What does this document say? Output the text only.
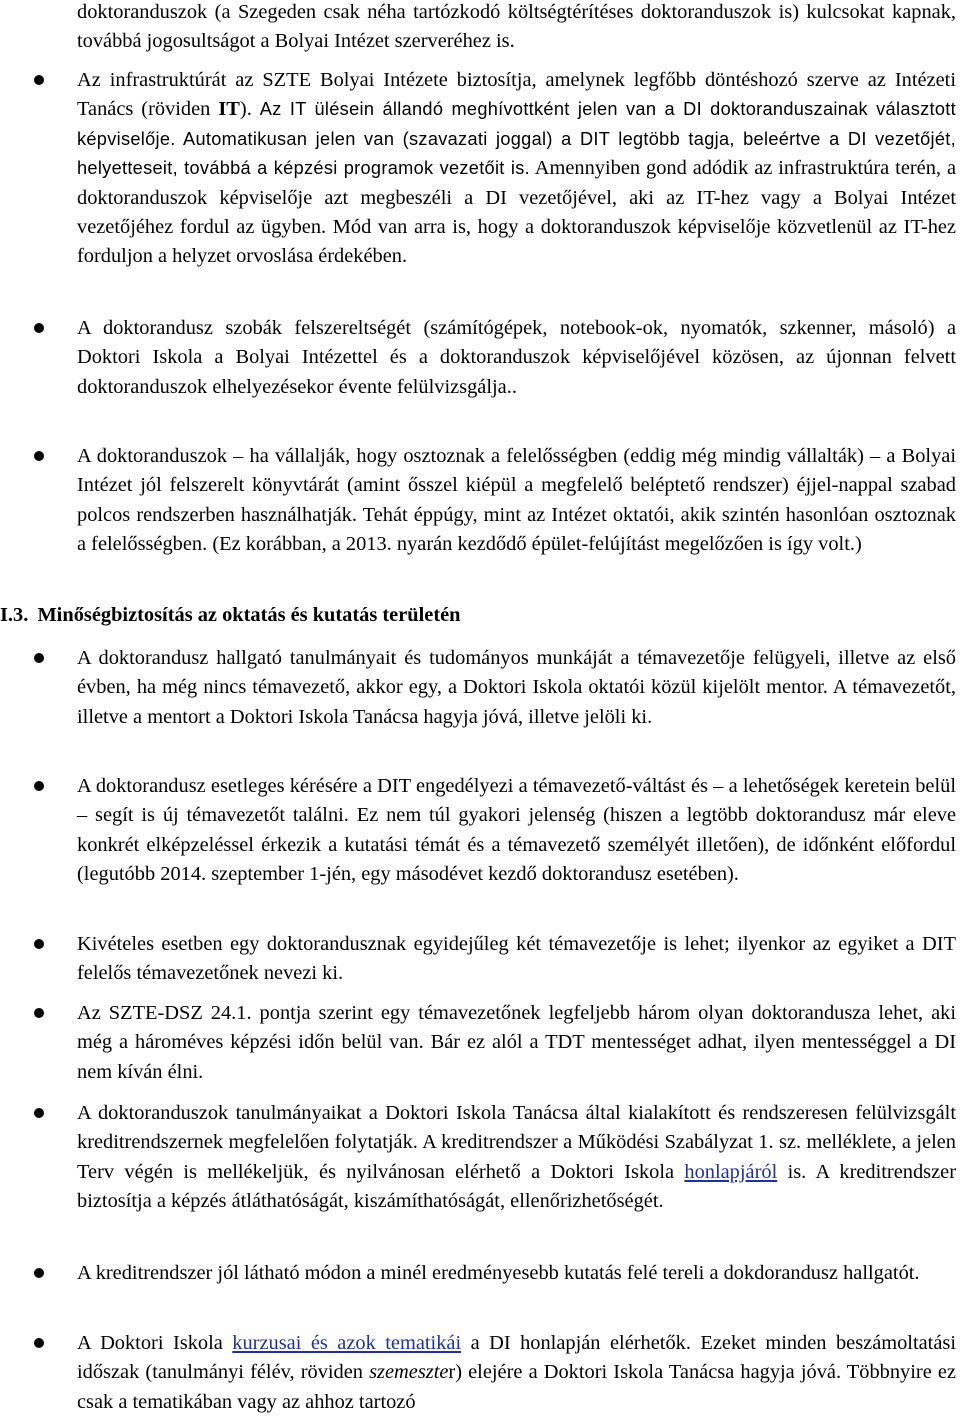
doktoranduszok (a Szegeden csak néha tartózkodó költségtérítéses doktoranduszok is) kulcsokat kapnak, továbbá jogosultságot a Bolyai Intézet szerveréhez is.
Az infrastruktúrát az SZTE Bolyai Intézete biztosítja, amelynek legfőbb döntéshozó szerve az Intézeti Tanács (röviden IT). Az IT ülésein állandó meghívottként jelen van a DI doktoranduszainak választott képviselője. Automatikusan jelen van (szavazati joggal) a DIT legtöbb tagja, beleértve a DI vezetőjét, helyetteseit, továbbá a képzési programok vezetőit is. Amennyiben gond adódik az infrastruktúra terén, a doktoranduszok képviselője azt megbeszéli a DI vezetőjével, aki az IT-hez vagy a Bolyai Intézet vezetőjéhez fordul az ügyben. Mód van arra is, hogy a doktoranduszok képviselője közvetlenül az IT-hez forduljon a helyzet orvoslása érdekében.
A doktorandusz szobák felszereltségét (számítógépek, notebook-ok, nyomatók, szkenner, másoló) a Doktori Iskola a Bolyai Intézettel és a doktoranduszok képviselőjével közösen, az újonnan felvett doktoranduszok elhelyezésekor évente felülvizsgálja..
A doktoranduszok – ha vállalják, hogy osztoznak a felelősségben (eddig még mindig vállalták) – a Bolyai Intézet jól felszerelt könyvtárát (amint ősszel kiépül a megfelelő beléptető rendszer) éjjel-nappal szabad polcos rendszerben használhatják. Tehát éppúgy, mint az Intézet oktatói, akik szintén hasonlóan osztoznak a felelősségben. (Ez korábban, a 2013. nyarán kezdődő épület-felújítást megelőzően is így volt.)
I.3. Minőségbiztosítás az oktatás és kutatás területén
A doktorandusz hallgató tanulmányait és tudományos munkáját a témavezetője felügyeli, illetve az első évben, ha még nincs témavezető, akkor egy, a Doktori Iskola oktatói közül kijelölt mentor. A témavezetőt, illetve a mentort a Doktori Iskola Tanácsa hagyja jóvá, illetve jelöli ki.
A doktorandusz esetleges kérésére a DIT engedélyezi a témavezető-váltást és – a lehetőségek keretein belül – segít is új témavezetőt találni. Ez nem túl gyakori jelenség (hiszen a legtöbb doktorandusz már eleve konkrét elképzeléssel érkezik a kutatási témát és a témavezető személyét illetően), de időnként előfordul (legutóbb 2014. szeptember 1-jén, egy másodévet kezdő doktorandusz esetében).
Kivételes esetben egy doktorandusznak egyidejűleg két témavezetője is lehet; ilyenkor az egyiket a DIT felelős témavezetőnek nevezi ki.
Az SZTE-DSZ 24.1. pontja szerint egy témavezetőnek legfeljebb három olyan doktorandusza lehet, aki még a hároméves képzési időn belül van. Bár ez alól a TDT mentességet adhat, ilyen mentességgel a DI nem kíván élni.
A doktoranduszok tanulmányaikat a Doktori Iskola Tanácsa által kialakított és rendszeresen felülvizsgált kreditrendszernek megfelelően folytatják. A kreditrendszer a Működési Szabályzat 1. sz. melléklete, a jelen Terv végén is mellékeljük, és nyilvánosan elérhető a Doktori Iskola honlapjáról is. A kreditrendszer biztosítja a képzés átláthatóságát, kiszámíthatóságát, ellenőrizhetőségét.
A kreditrendszer jól látható módon a minél eredményesebb kutatás felé tereli a dokdorandusz hallgatót.
A Doktori Iskola kurzusai és azok tematikái a DI honlapján elérhetők. Ezeket minden beszámoltatási időszak (tanulmányi félév, röviden szemeszter) elejére a Doktori Iskola Tanácsa hagyja jóvá. Többnyire ez csak a tematikában vagy az ahhoz tartozó
